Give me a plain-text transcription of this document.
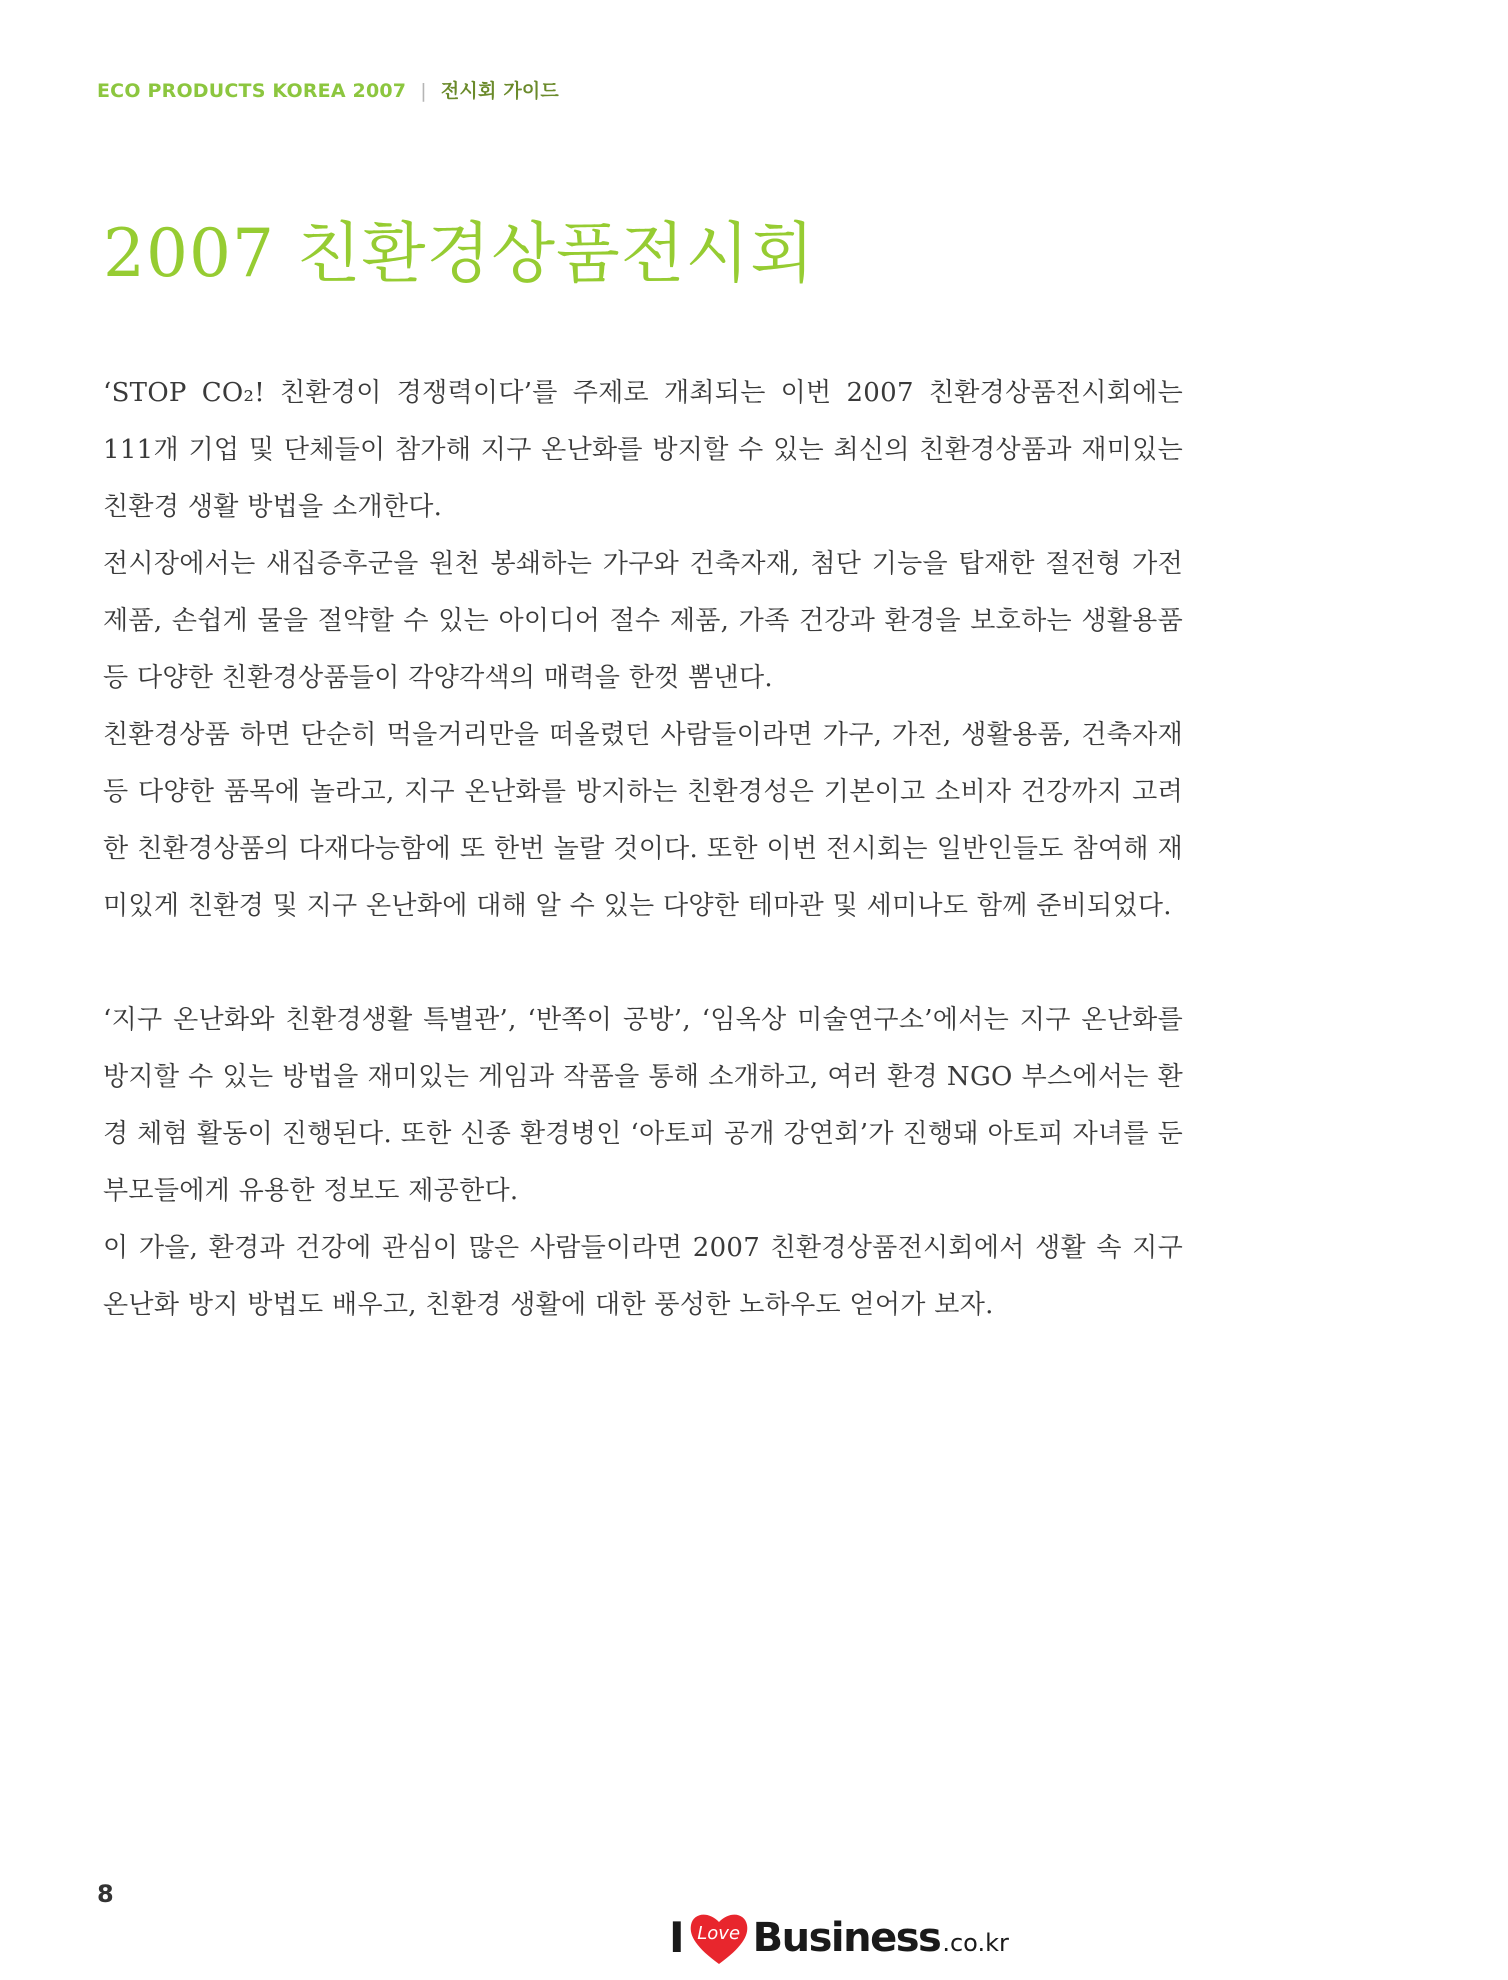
ECO PRODUCTS KOREA 2007 | 전시회 가이드
2007 친환경상품전시회

‘STOP CO₂! 친환경이 경쟁력이다’를 주제로 개최되는 이번 2007 친환경상품전시회에는 111개 기업 및 단체들이 참가해 지구 온난화를 방지할 수 있는 최신의 친환경상품과 재미있는 친환경 생활 방법을 소개한다.

전시장에서는 새집증후군을 원천 봉쇄하는 가구와 건축자재, 첨단 기능을 탑재한 절전형 가전제품, 손쉽게 물을 절약할 수 있는 아이디어 절수 제품, 가족 건강과 환경을 보호하는 생활용품 등 다양한 친환경상품들이 각양각색의 매력을 한껏 뽐낸다.

친환경상품 하면 단순히 먹을거리만을 떠올렸던 사람들이라면 가구, 가전, 생활용품, 건축자재 등 다양한 품목에 놀라고, 지구 온난화를 방지하는 친환경성은 기본이고 소비자 건강까지 고려한 친환경상품의 다재다능함에 또 한번 놀랄 것이다. 또한 이번 전시회는 일반인들도 참여해 재미있게 친환경 및 지구 온난화에 대해 알 수 있는 다양한 테마관 및 세미나도 함께 준비되었다.

‘지구 온난화와 친환경생활 특별관’, ‘반쪽이 공방’, ‘임옥상 미술연구소’에서는 지구 온난화를 방지할 수 있는 방법을 재미있는 게임과 작품을 통해 소개하고, 여러 환경 NGO 부스에서는 환경 체험 활동이 진행된다. 또한 신종 환경병인 ‘아토피 공개 강연회’가 진행돼 아토피 자녀를 둔 부모들에게 유용한 정보도 제공한다.

이 가을, 환경과 건강에 관심이 많은 사람들이라면 2007 친환경상품전시회에서 생활 속 지구 온난화 방지 방법도 배우고, 친환경 생활에 대한 풍성한 노하우도 얻어가 보자.

8
I Love Business .co.kr
